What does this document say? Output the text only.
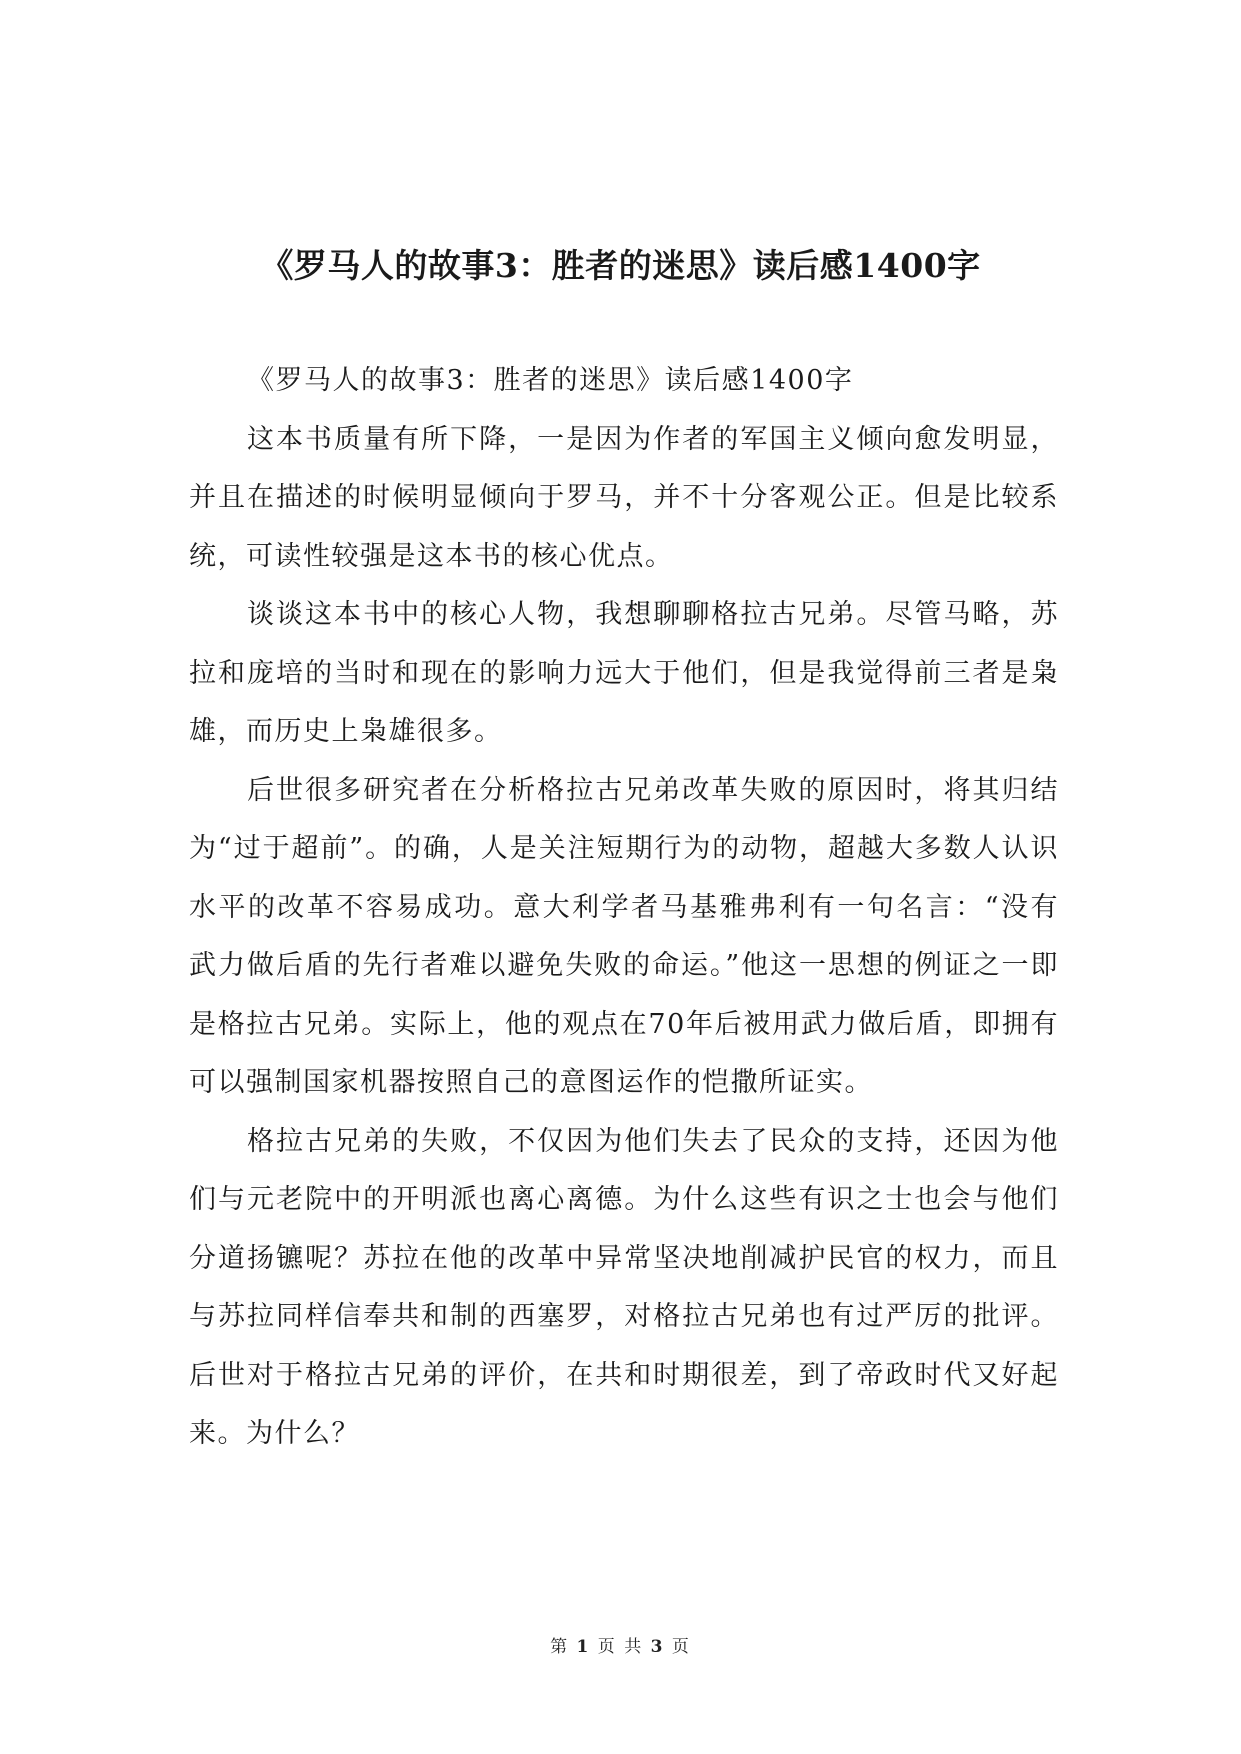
《罗马人的故事3：胜者的迷思》读后感1400字

《罗马人的故事3：胜者的迷思》读后感1400字

这本书质量有所下降，一是因为作者的军国主义倾向愈发明显，并且在描述的时候明显倾向于罗马，并不十分客观公正。但是比较系统，可读性较强是这本书的核心优点。

谈谈这本书中的核心人物，我想聊聊格拉古兄弟。尽管马略，苏拉和庞培的当时和现在的影响力远大于他们，但是我觉得前三者是枭雄，而历史上枭雄很多。

后世很多研究者在分析格拉古兄弟改革失败的原因时，将其归结为“过于超前”。的确，人是关注短期行为的动物，超越大多数人认识水平的改革不容易成功。意大利学者马基雅弗利有一句名言：“没有武力做后盾的先行者难以避免失败的命运。”他这一思想的例证之一即是格拉古兄弟。实际上，他的观点在70年后被用武力做后盾，即拥有可以强制国家机器按照自己的意图运作的恺撒所证实。

格拉古兄弟的失败，不仅因为他们失去了民众的支持，还因为他们与元老院中的开明派也离心离德。为什么这些有识之士也会与他们分道扬镳呢？苏拉在他的改革中异常坚决地削减护民官的权力，而且与苏拉同样信奉共和制的西塞罗，对格拉古兄弟也有过严厉的批评。后世对于格拉古兄弟的评价，在共和时期很差，到了帝政时代又好起来。为什么？

第 1 页 共 3 页
